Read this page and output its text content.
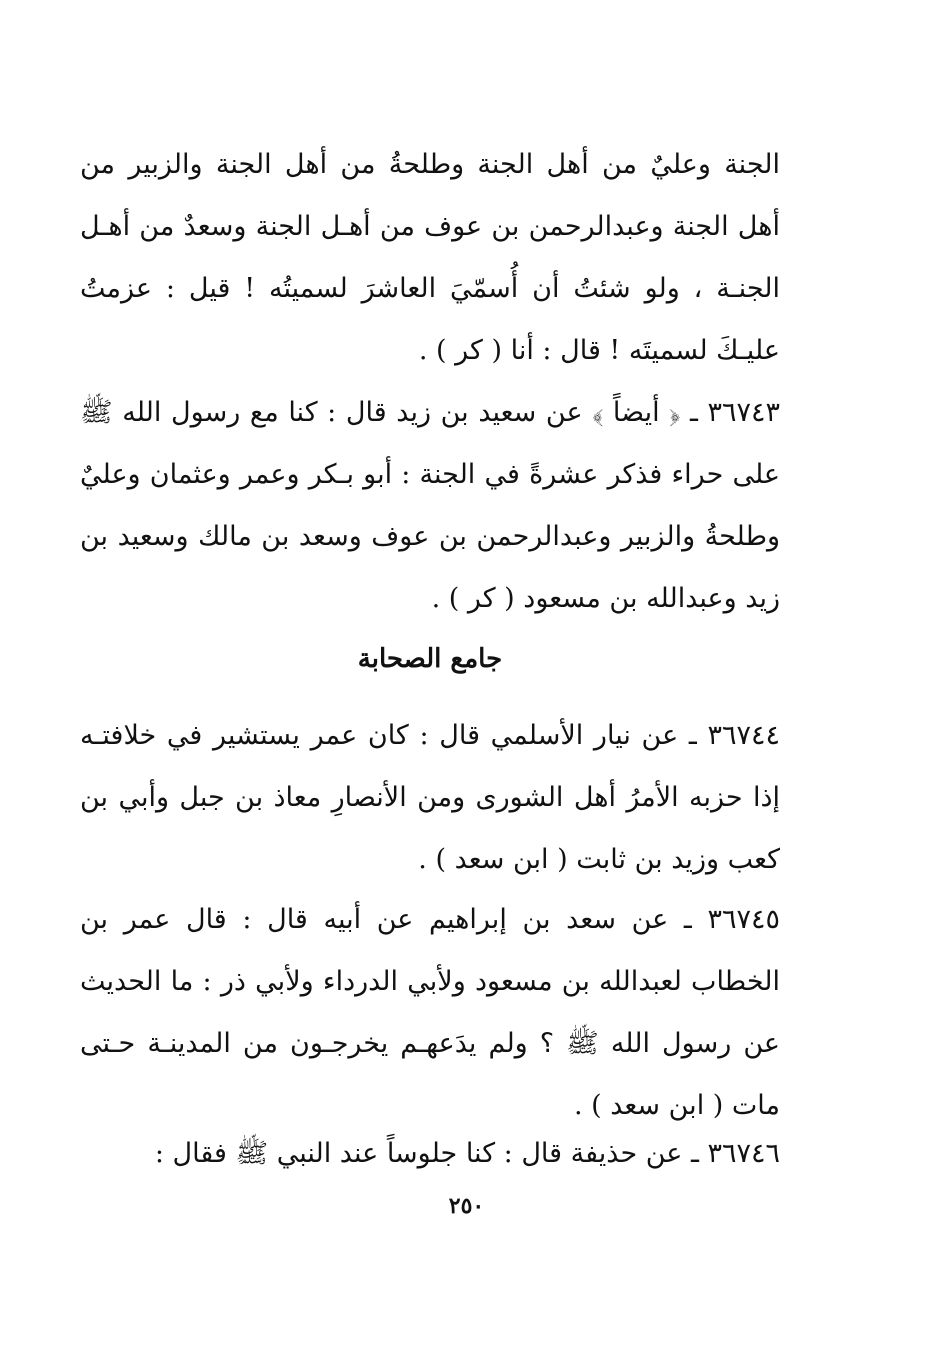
الجنة وعليٌ من أهل الجنة وطلحةُ من أهل الجنة والزبير من أهل الجنة وعبدالرحمن بن عوف من أهـل الجنة وسعدٌ من أهـل الجنـة ، ولو شئتُ أن أُسمّيَ العاشرَ لسميتُه ! قيل : عزمتُ عليـكَ لسميتَه ! قال : أنا ( كر ) .

٣٦٧٤٣ ـ ﴿ أيضاً ﴾ عن سعيد بن زيد قال : كنا مع رسول الله ﷺ على حراء فذكر عشرةً في الجنة : أبو بـكر وعمر وعثمان وعليٌ وطلحةُ والزبير وعبدالرحمن بن عوف وسعد بن مالك وسعيد بن زيد وعبدالله بن مسعود ( كر ) .

جامع الصحابة

٣٦٧٤٤ ـ عن نيار الأسلمي قال : كان عمر يستشير في خلافتـه إذا حزبه الأمرُ أهل الشورى ومن الأنصارِ معاذ بن جبل وأبي بن كعب وزيد بن ثابت ( ابن سعد ) .

٣٦٧٤٥ ـ عن سعد بن إبراهيم عن أبيه قال : قال عمر بن الخطاب لعبدالله بن مسعود ولأبي الدرداء ولأبي ذر : ما الحديث عن رسول الله ﷺ ؟ ولم يدَعهـم يخرجـون من المدينـة حـتى مات ( ابن سعد ) .

٣٦٧٤٦ ـ عن حذيفة قال : كنا جلوساً عند النبي ﷺ فقال :

٢٥٠
